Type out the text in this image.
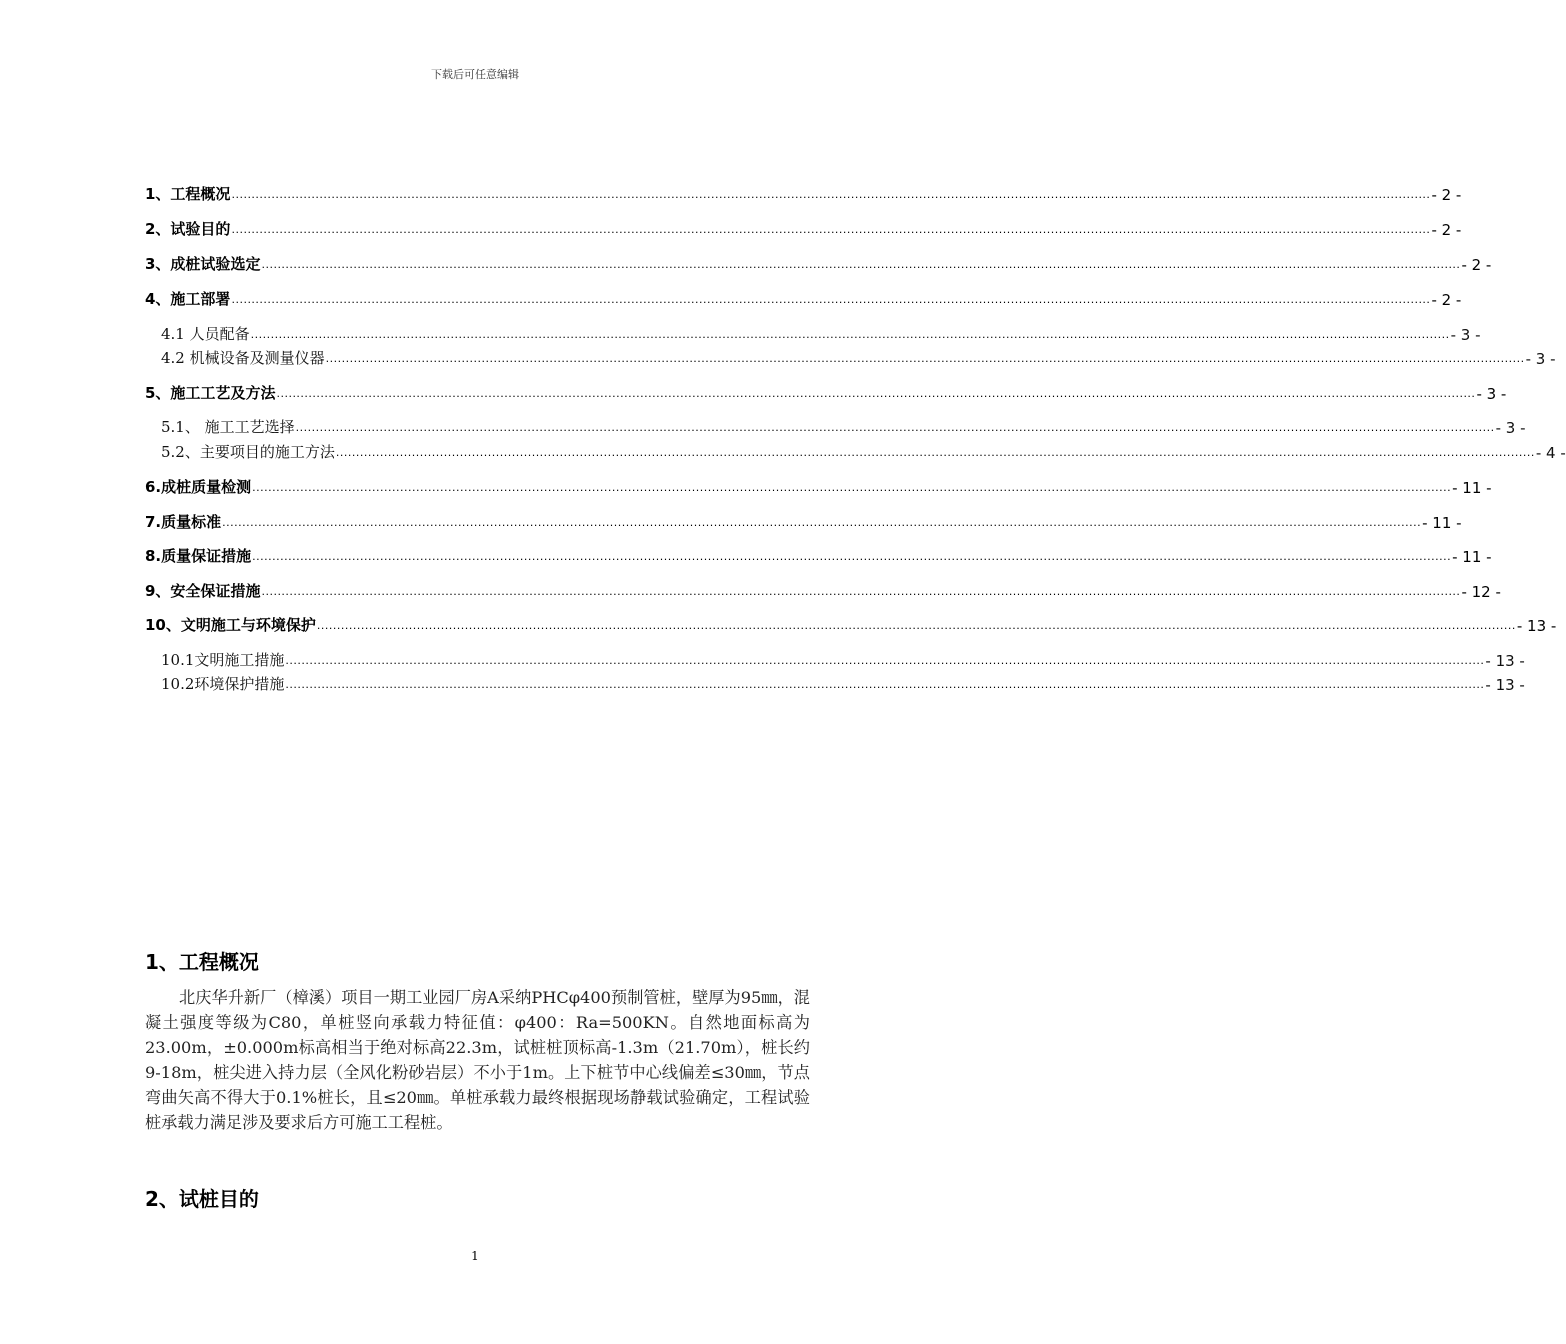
下载后可任意编辑
1、工程概况 ............................................................................................................................................................................................................................................................................................................ - 2 -
2、试验目的 ............................................................................................................................................................................................................................................................................................................ - 2 -
3、成桩试验选定 ............................................................................................................................................................................................................................................................................................................ - 2 -
4、施工部署 ............................................................................................................................................................................................................................................................................................................ - 2 -
4.1 人员配备 ............................................................................................................................................................................................................................................................................................................ - 3 -
4.2 机械设备及测量仪器 ............................................................................................................................................................................................................................................................................................................ - 3 -
5、施工工艺及方法 ............................................................................................................................................................................................................................................................................................................ - 3 -
5.1、 施工工艺选择 ............................................................................................................................................................................................................................................................................................................ - 3 -
5.2、主要项目的施工方法 ............................................................................................................................................................................................................................................................................................................ - 4 -
6.成桩质量检测 ............................................................................................................................................................................................................................................................................................................ - 11 -
7.质量标准 ............................................................................................................................................................................................................................................................................................................ - 11 -
8.质量保证措施 ............................................................................................................................................................................................................................................................................................................ - 11 -
9、安全保证措施 ............................................................................................................................................................................................................................................................................................................ - 12 -
10、文明施工与环境保护 ............................................................................................................................................................................................................................................................................................................ - 13 -
10.1文明施工措施 ............................................................................................................................................................................................................................................................................................................ - 13 -
10.2环境保护措施 ............................................................................................................................................................................................................................................................................................................ - 13 -
1、工程概况

北庆华升新厂（樟溪）项目一期工业园厂房A采纳PHCφ400预制管桩，壁厚为95㎜，混凝土强度等级为C80，单桩竖向承载力特征值：φ400：Ra=500KN。自然地面标高为23.00m，±0.000m标高相当于绝对标高22.3m，试桩桩顶标高-1.3m（21.70m），桩长约9-18m，桩尖进入持力层（全风化粉砂岩层）不小于1m。上下桩节中心线偏差≤30㎜，节点弯曲矢高不得大于0.1%桩长，且≤20㎜。单桩承载力最终根据现场静载试验确定，工程试验桩承载力满足涉及要求后方可施工工程桩。

2、试桩目的
1
